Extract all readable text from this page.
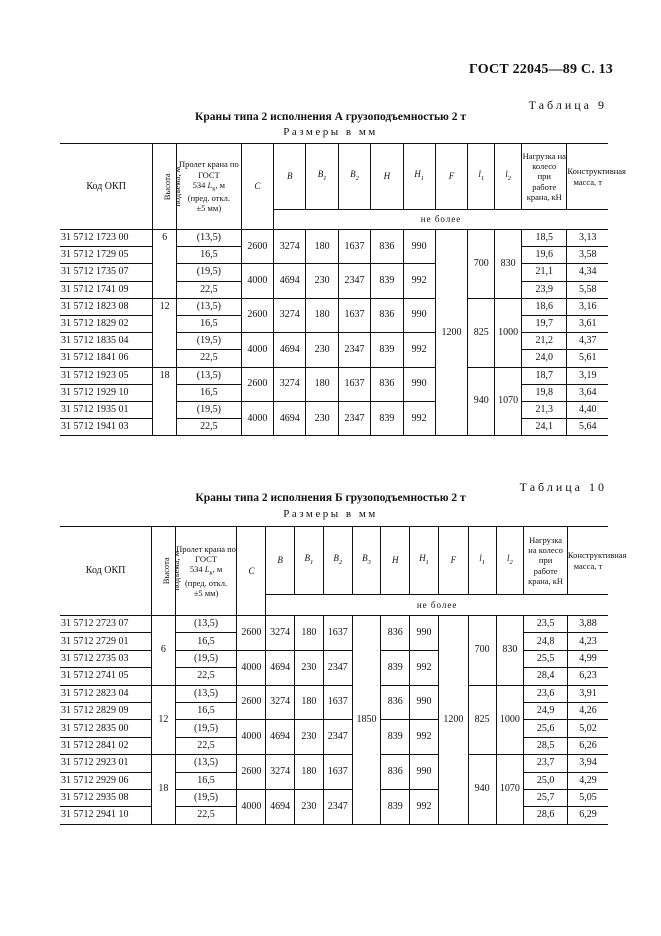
ГОСТ 22045—89 С. 13
Таблица 9
Краны типа 2 исполнения А грузоподъемностью 2 т
Размеры в мм
Код ОКП	Высота
подъема, м	Пролет крана по
ГОСТ
534 $L_к$, м
(пред. откл.
±5 мм)	C	B	$B_1$	$B_2$	H	$H_1$	F	$l_1$	$l_2$	Нагрузка на колесо
при
работе
крана, кН	Конструктивная
масса, т
				не более									
31 5712 1723 00	6	(13,5)	2600	3274	180	1637	836	990	1200	700	830	18,5	3,13
31 5712 1729 05		16,5										19,6	3,58
31 5712 1735 07		(19,5)	4000	4694	230	2347	839	992				21,1	4,34
31 5712 1741 09		22,5										23,9	5,58
31 5712 1823 08	12	(13,5)	2600	3274	180	1637	836	990		825	1000	18,6	3,16
31 5712 1829 02		16,5										19,7	3,61
31 5712 1835 04		(19,5)	4000	4694	230	2347	839	992				21,2	4,37
31 5712 1841 06		22,5										24,0	5,61
31 5712 1923 05	18	(13,5)	2600	3274	180	1637	836	990		940	1070	18,7	3,19
31 5712 1929 10		16,5										19,8	3,64
31 5712 1935 01		(19,5)	4000	4694	230	2347	839	992				21,3	4,40
31 5712 1941 03		22,5										24,1	5,64
Таблица 10
Краны типа 2 исполнения Б грузоподъемностью 2 т
Размеры в мм
Код ОКП	Высота
подъема, м	Пролет крана по
ГОСТ
534 $L_к$, м
(пред. откл.
±5 мм)	C	B	$B_1$	$B_2$	$B_3$	H	$H_1$	F	$l_1$	$l_2$	Нагрузка на колесо
при
работе
крана, кН	Конструктивная
масса, т
				не более										
31 5712 2723 07	6	(13,5)	2600	3274	180	1637	1850	836	990	1200	700	830	23,5	3,88
31 5712 2729 01		16,5											24,8	4,23
31 5712 2735 03		(19,5)	4000	4694	230	2347		839	992				25,5	4,99
31 5712 2741 05		22,5											28,4	6,23
31 5712 2823 04	12	(13,5)	2600	3274	180	1637		836	990		825	1000	23,6	3,91
31 5712 2829 09		16,5											24,9	4,26
31 5712 2835 00		(19,5)	4000	4694	230	2347		839	992				25,6	5,02
31 5712 2841 02		22,5											28,5	6,26
31 5712 2923 01	18	(13,5)	2600	3274	180	1637		836	990		940	1070	23,7	3,94
31 5712 2929 06		16,5											25,0	4,29
31 5712 2935 08		(19,5)	4000	4694	230	2347		839	992				25,7	5,05
31 5712 2941 10		22,5											28,6	6,29
